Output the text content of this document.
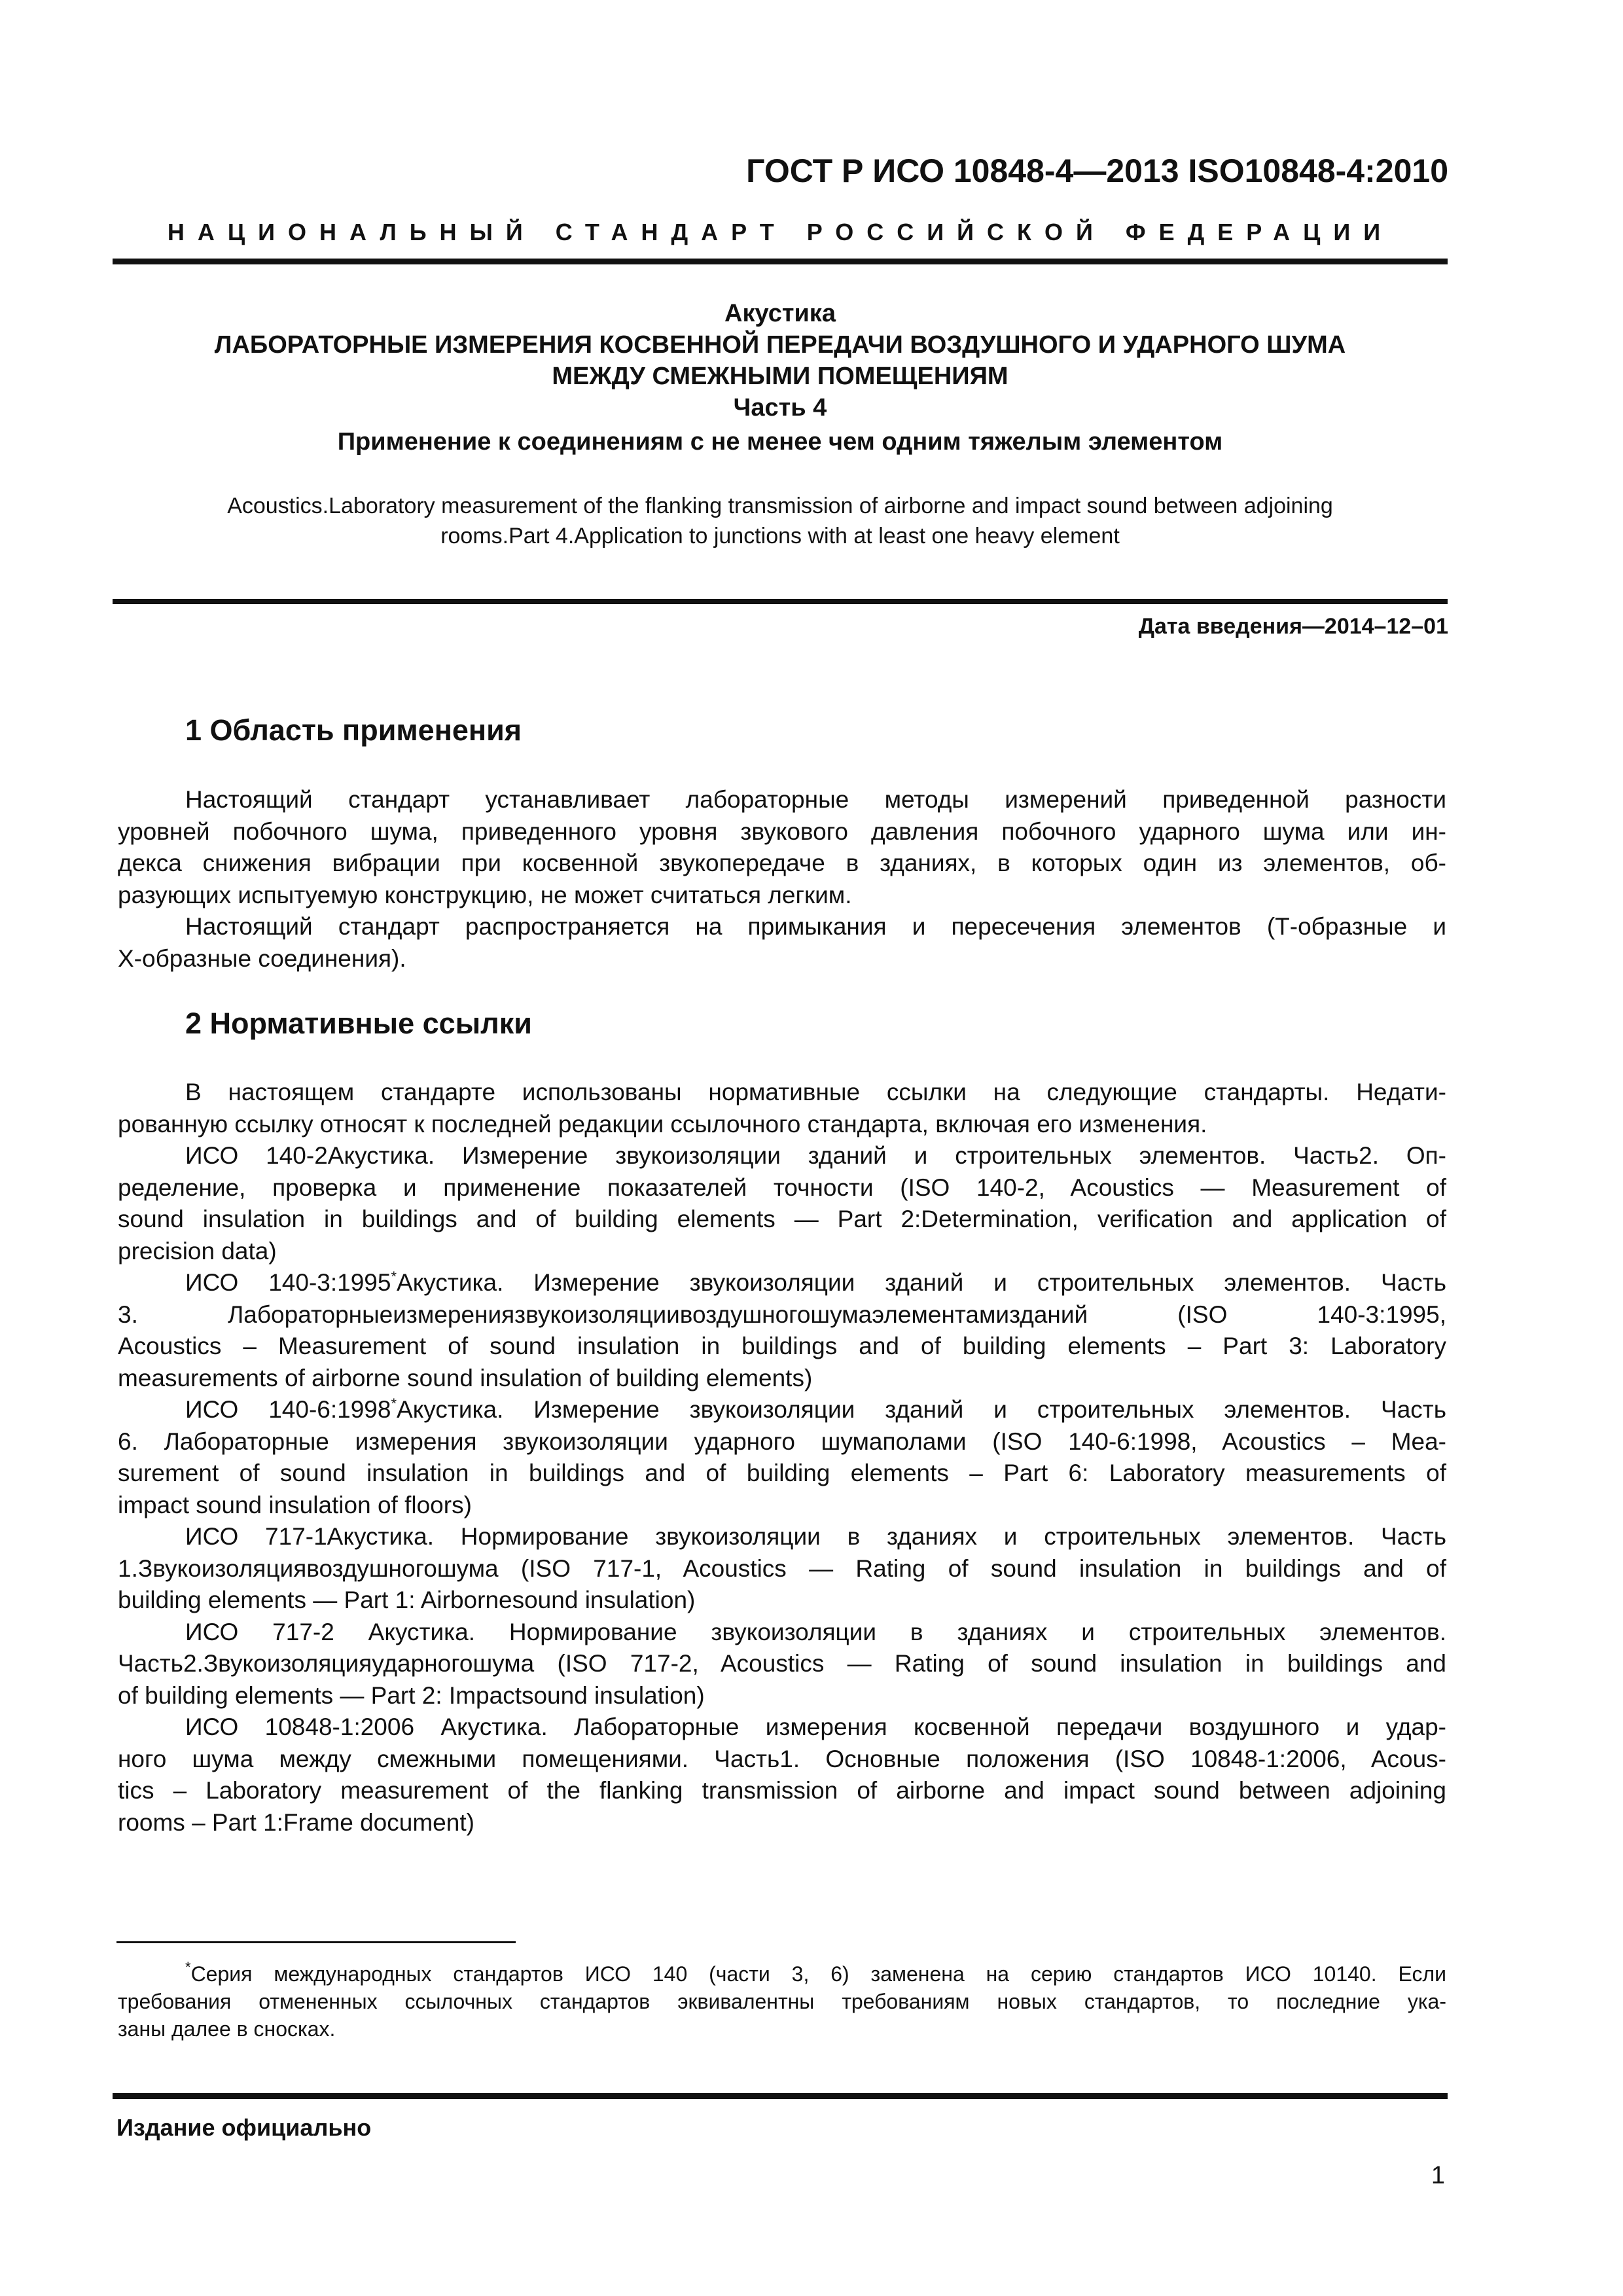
ГОСТ Р ИСО 10848-4—2013 ISO10848-4:2010
НАЦИОНАЛЬНЫЙ СТАНДАРТ РОССИЙСКОЙ ФЕДЕРАЦИИ
Акустика
ЛАБОРАТОРНЫЕ ИЗМЕРЕНИЯ КОСВЕННОЙ ПЕРЕДАЧИ ВОЗДУШНОГО И УДАРНОГО ШУМА
МЕЖДУ СМЕЖНЫМИ ПОМЕЩЕНИЯМ
Часть 4
Применение к соединениям с не менее чем одним тяжелым элементом
Acoustics.Laboratory measurement of the flanking transmission of airborne and impact sound between adjoining
rooms.Part 4.Application to junctions with at least one heavy element
Дата введения—2014–12–01
1 Область применения
Настоящий стандарт устанавливает лабораторные методы измерений приведенной разности
уровней побочного шума, приведенного уровня звукового давления побочного ударного шума или ин-
декса снижения вибрации при косвенной звукопередаче в зданиях, в которых один из элементов, об-
разующих испытуемую конструкцию, не может считаться легким.
Настоящий стандарт распространяется на примыкания и пересечения элементов (Т-образные и
Х-образные соединения).
2 Нормативные ссылки
В настоящем стандарте использованы нормативные ссылки на следующие стандарты. Недати-
рованную ссылку относят к последней редакции ссылочного стандарта, включая его изменения.
ИСО 140-2Акустика. Измерение звукоизоляции зданий и строительных элементов. Часть2. Оп-
ределение, проверка и применение показателей точности (ISO 140-2, Acoustics — Measurement of
sound insulation in buildings and of building elements — Part 2:Determination, verification and application of
precision data)
ИСО 140-3:1995*Акустика. Измерение звукоизоляции зданий и строительных элементов. Часть
3. Лабораторныеизмерениязвукоизоляциивоздушногошумаэлементамизданий (ISO 140-3:1995,
Acoustics – Measurement of sound insulation in buildings and of building elements – Part 3: Laboratory
measurements of airborne sound insulation of building elements)
ИСО 140-6:1998*Акустика. Измерение звукоизоляции зданий и строительных элементов. Часть
6. Лабораторные измерения звукоизоляции ударного шумаполами (ISO 140-6:1998, Acoustics – Mea-
surement of sound insulation in buildings and of building elements – Part 6: Laboratory measurements of
impact sound insulation of floors)
ИСО 717-1Акустика. Нормирование звукоизоляции в зданиях и строительных элементов. Часть
1.Звукоизоляциявоздушногошума (ISO 717-1, Acoustics — Rating of sound insulation in buildings and of
building elements — Part 1: Airbornesound insulation)
ИСО 717-2 Акустика. Нормирование звукоизоляции в зданиях и строительных элементов.
Часть2.Звукоизоляцияударногошума (ISO 717-2, Acoustics — Rating of sound insulation in buildings and
of building elements — Part 2: Impactsound insulation)
ИСО 10848-1:2006 Акустика. Лабораторные измерения косвенной передачи воздушного и удар-
ного шума между смежными помещениями. Часть1. Основные положения (ISO 10848-1:2006, Acous-
tics – Laboratory measurement of the flanking transmission of airborne and impact sound between adjoining
rooms – Part 1:Frame document)
*Серия международных стандартов ИСО 140 (части 3, 6) заменена на серию стандартов ИСО 10140. Если
требования отмененных ссылочных стандартов эквивалентны требованиям новых стандартов, то последние ука-
заны далее в сносках.
Издание официально
1
